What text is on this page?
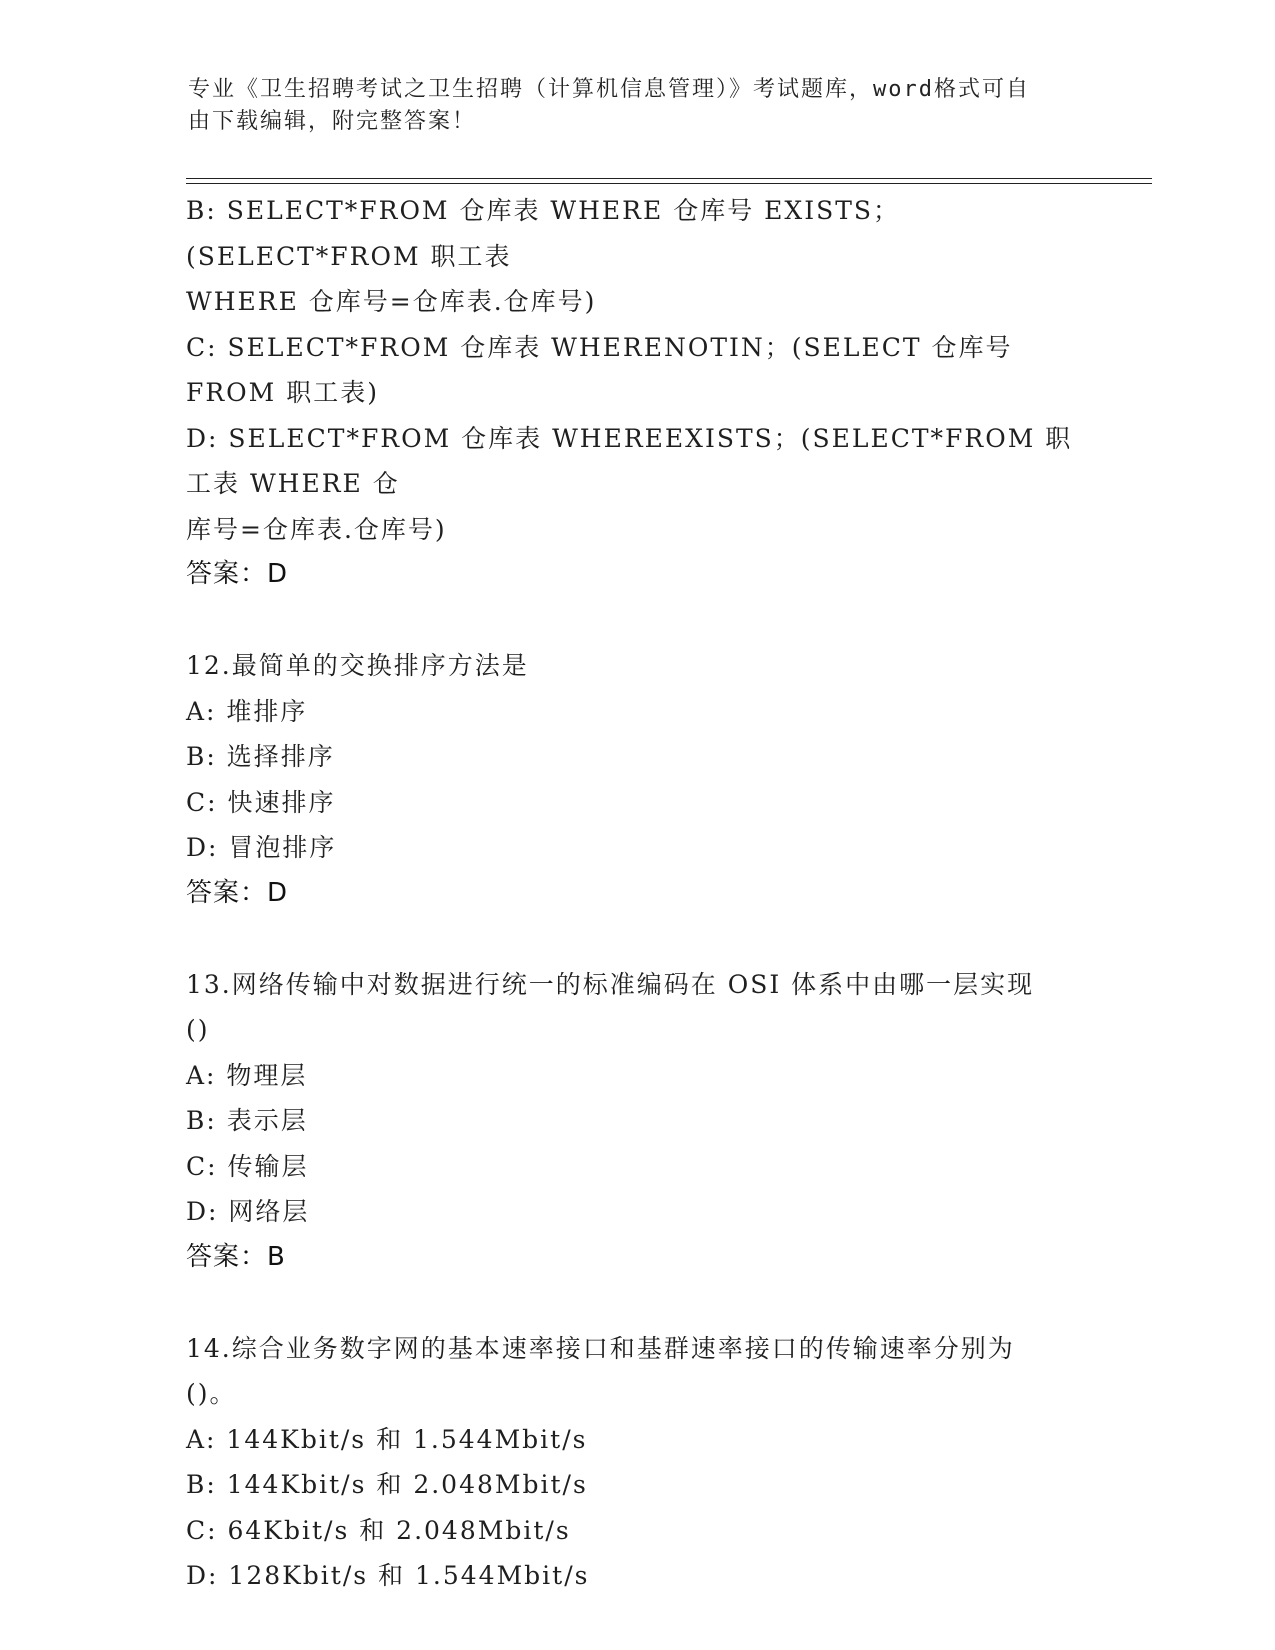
专业《卫生招聘考试之卫生招聘（计算机信息管理）》考试题库，word格式可自
由下载编辑，附完整答案！

B: SELECT*FROM 仓库表 WHERE 仓库号 EXISTS；(SELECT*FROM 职工表

WHERE 仓库号=仓库表.仓库号)

C: SELECT*FROM 仓库表 WHERENOTIN；(SELECT 仓库号 FROM 职工表)

D: SELECT*FROM 仓库表 WHEREEXISTS；(SELECT*FROM 职工表 WHERE 仓

库号=仓库表.仓库号)

答案：D

12.最简单的交换排序方法是

A: 堆排序

B: 选择排序

C: 快速排序

D: 冒泡排序

答案：D

13.网络传输中对数据进行统一的标准编码在 OSI 体系中由哪一层实现

()

A: 物理层

B: 表示层

C: 传输层

D: 网络层

答案：B

14.综合业务数字网的基本速率接口和基群速率接口的传输速率分别为

()。

A: 144Kbit/s 和 1.544Mbit/s

B: 144Kbit/s 和 2.048Mbit/s

C: 64Kbit/s 和 2.048Mbit/s

D: 128Kbit/s 和 1.544Mbit/s
